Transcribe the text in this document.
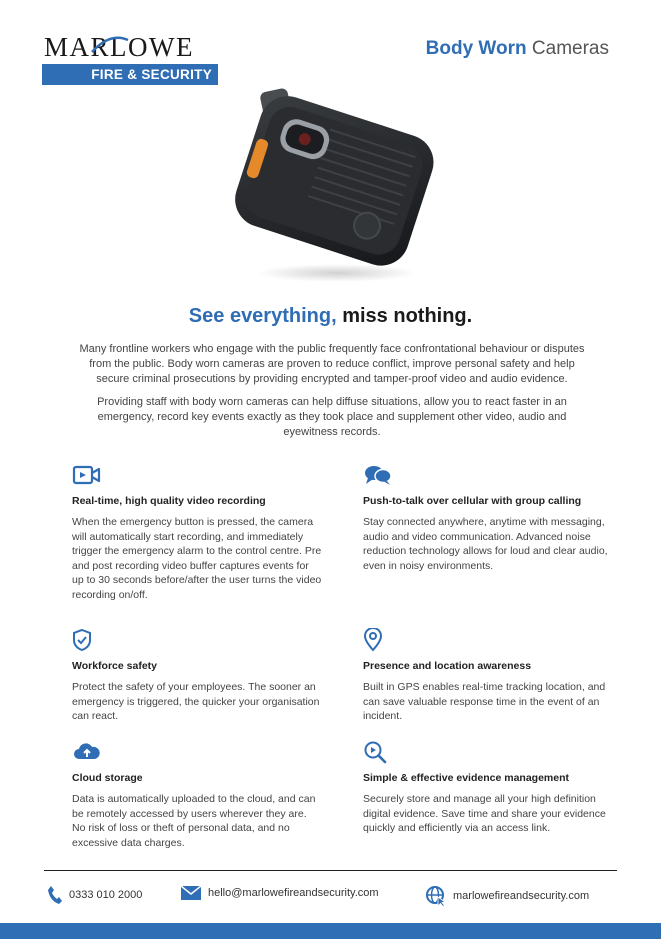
MARLOWE
FIRE & SECURITY
Body Worn Cameras
See everything, miss nothing.

Many frontline workers who engage with the public frequently face confrontational behaviour or disputes from the public. Body worn cameras are proven to reduce conflict, improve personal safety and help secure criminal prosecutions by providing encrypted and tamper-proof video and audio evidence.

Providing staff with body worn cameras can help diffuse situations, allow you to react faster in an emergency, record key events exactly as they took place and supplement other video, audio and eyewitness records.

Real-time, high quality video recording

When the emergency button is pressed, the camera will automatically start recording, and immediately trigger the emergency alarm to the control centre. Pre and post recording video buffer captures events for up to 30 seconds before/after the user turns the video recording on/off.

Push-to-talk over cellular with group calling

Stay connected anywhere, anytime with messaging, audio and video communication. Advanced noise reduction technology allows for loud and clear audio, even in noisy environments.

Workforce safety

Protect the safety of your employees. The sooner an emergency is triggered, the quicker your organisation can react.

Presence and location awareness

Built in GPS enables real-time tracking location, and can save valuable response time in the event of an incident.

Cloud storage

Data is automatically uploaded to the cloud, and can be remotely accessed by users wherever they are. No risk of loss or theft of personal data, and no excessive data charges.

Simple & effective evidence management

Securely store and manage all your high definition digital evidence. Save time and share your evidence quickly and efficiently via an access link.

0333 010 2000	hello@marlowefireandsecurity.com	marlowefireandsecurity.com
